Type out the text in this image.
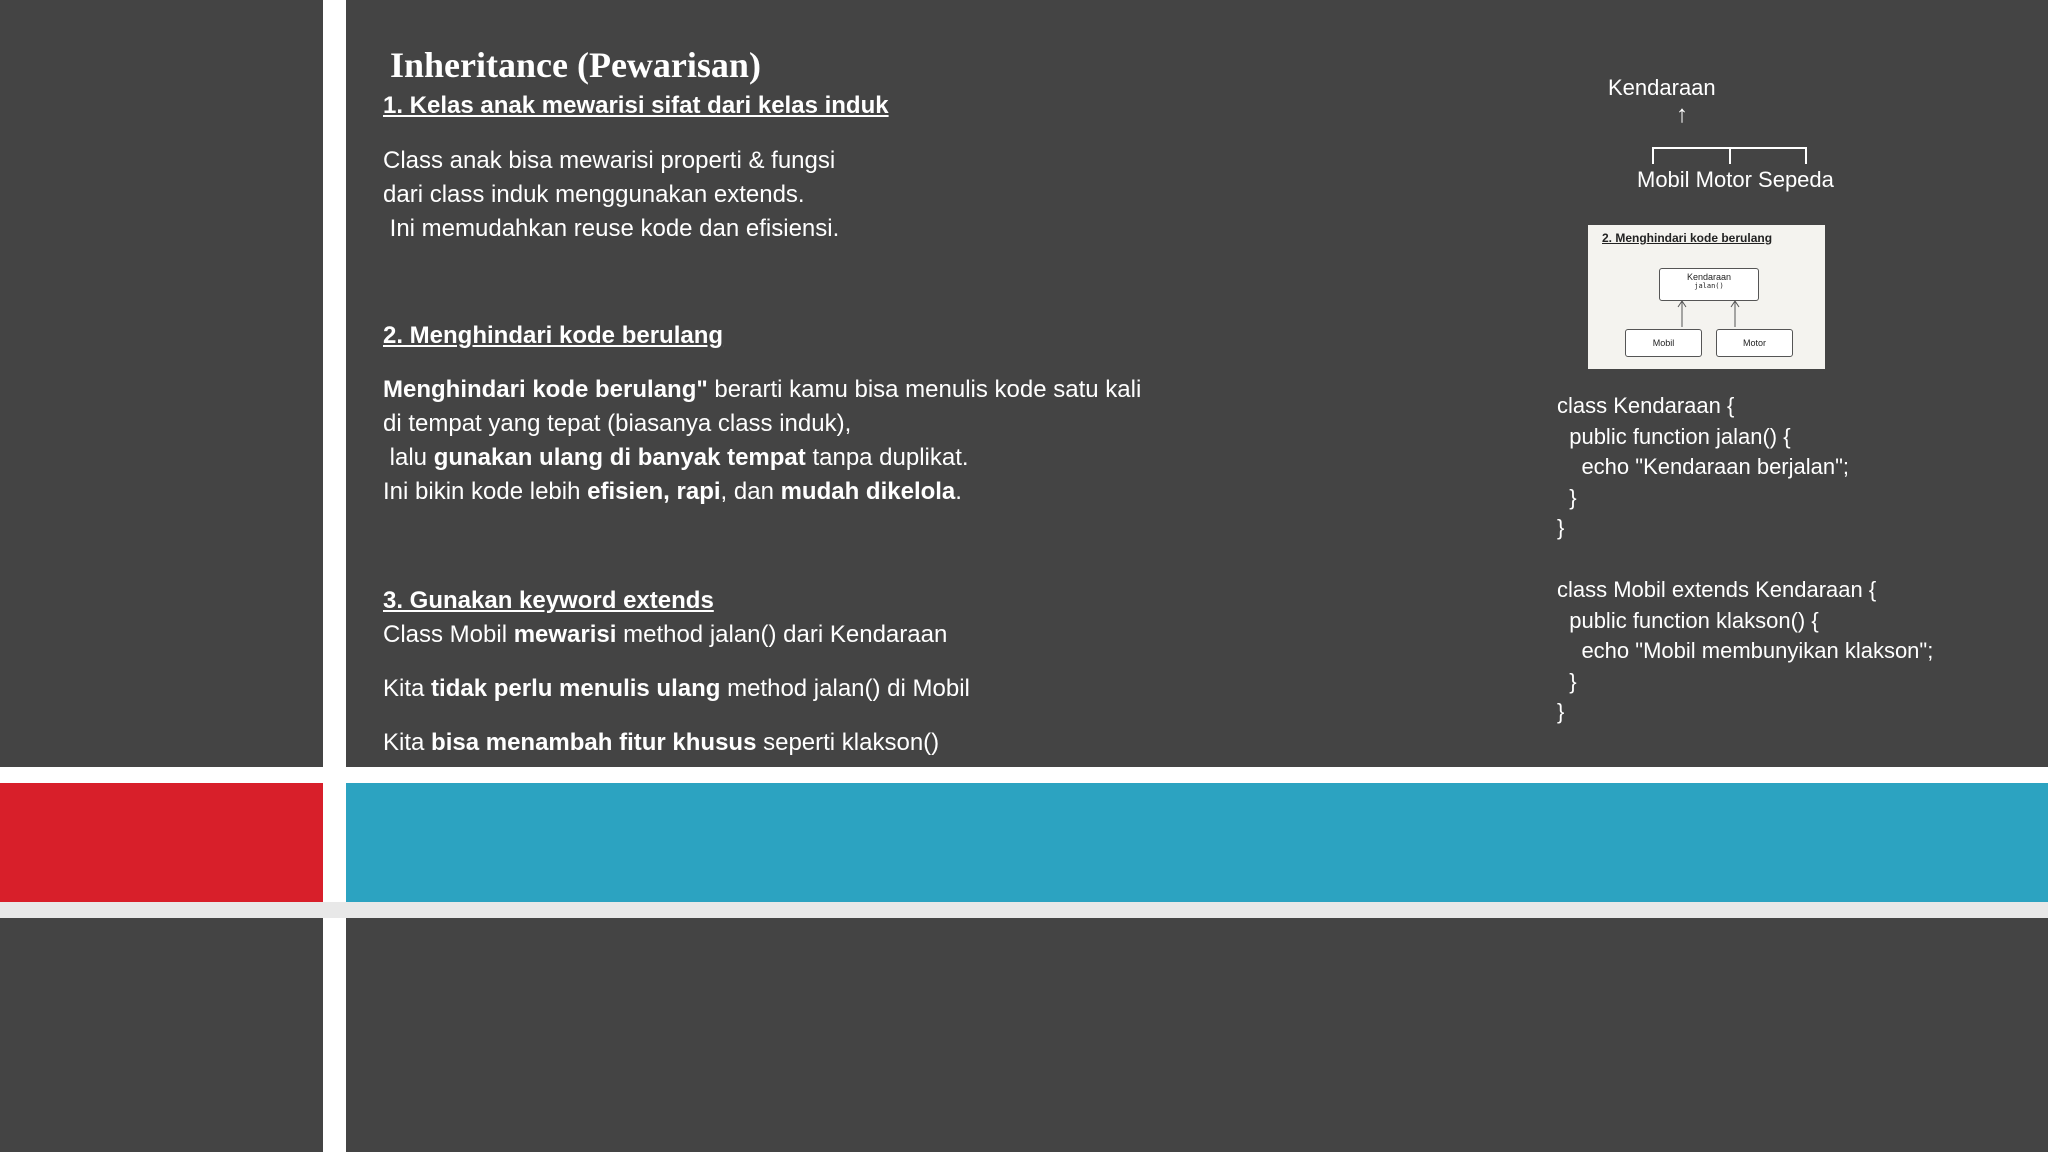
Inheritance (Pewarisan)

1. Kelas anak mewarisi sifat dari kelas induk

Class anak bisa mewarisi properti & fungsi

dari class induk menggunakan extends.

Ini memudahkan reuse kode dan efisiensi.

2. Menghindari kode berulang

Menghindari kode berulang" berarti kamu bisa menulis kode satu kali

di tempat yang tepat (biasanya class induk),

lalu gunakan ulang di banyak tempat tanpa duplikat.

Ini bikin kode lebih efisien, rapi, dan mudah dikelola.

3. Gunakan keyword extends

Class Mobil mewarisi method jalan() dari Kendaraan

Kita tidak perlu menulis ulang method jalan() di Mobil

Kita bisa menambah fitur khusus seperti klakson()

Kendaraan
↑
Mobil Motor Sepeda
2. Menghindari kode berulang
Kendaraan
jalan()
Mobil	Motor
class Kendaraan {
public function jalan() {
echo "Kendaraan berjalan";
}
}
class Mobil extends Kendaraan {
public function klakson() {
echo "Mobil membunyikan klakson";
}
}
